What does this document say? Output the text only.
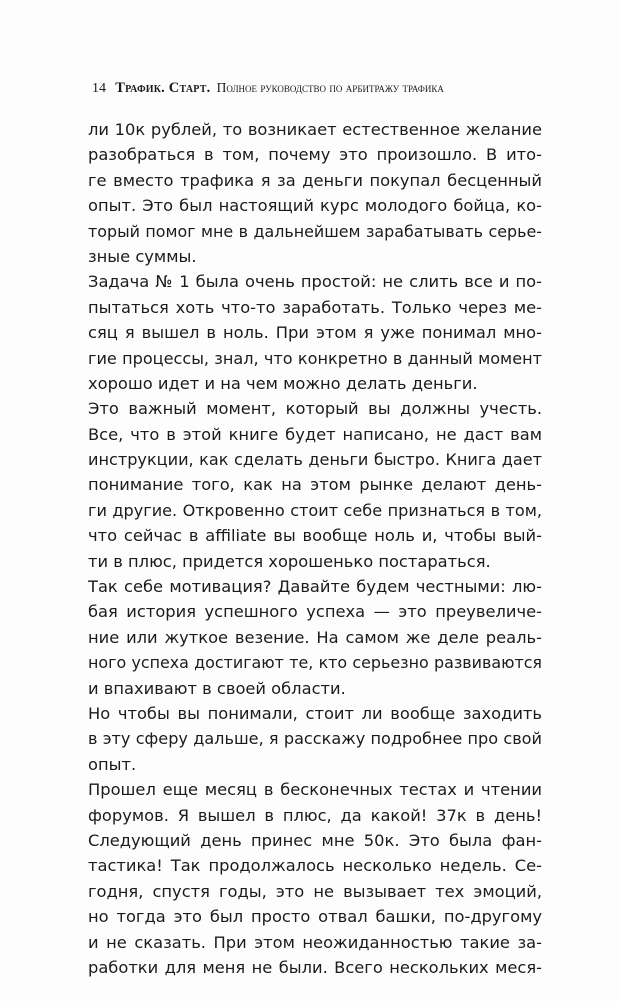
14 Трафик. Старт. Полное руководство по арбитражу трафика
ли 10к рублей, то возникает естественное желание
разобраться в том, почему это произошло. В ито-
ге вместо трафика я за деньги покупал бесценный
опыт. Это был настоящий курс молодого бойца, ко-
торый помог мне в дальнейшем зарабатывать серье-
зные суммы.
Задача № 1 была очень простой: не слить все и по-
пытаться хоть что-то заработать. Только через ме-
сяц я вышел в ноль. При этом я уже понимал мно-
гие процессы, знал, что конкретно в данный момент
хорошо идет и на чем можно делать деньги.
Это важный момент, который вы должны учесть.
Все, что в этой книге будет написано, не даст вам
инструкции, как сделать деньги быстро. Книга дает
понимание того, как на этом рынке делают день-
ги другие. Откровенно стоит себе признаться в том,
что сейчас в affiliate вы вообще ноль и, чтобы вый-
ти в плюс, придется хорошенько постараться.
Так себе мотивация? Давайте будем честными: лю-
бая история успешного успеха — это преувеличе-
ние или жуткое везение. На самом же деле реаль-
ного успеха достигают те, кто серьезно развиваются
и впахивают в своей области.
Но чтобы вы понимали, стоит ли вообще заходить
в эту сферу дальше, я расскажу подробнее про свой
опыт.
Прошел еще месяц в бесконечных тестах и чтении
форумов. Я вышел в плюс, да какой! 37к в день!
Следующий день принес мне 50к. Это была фан-
тастика! Так продолжалось несколько недель. Се-
годня, спустя годы, это не вызывает тех эмоций,
но тогда это был просто отвал башки, по-другому
и не сказать. При этом неожиданностью такие за-
работки для меня не были. Всего нескольких меся-
